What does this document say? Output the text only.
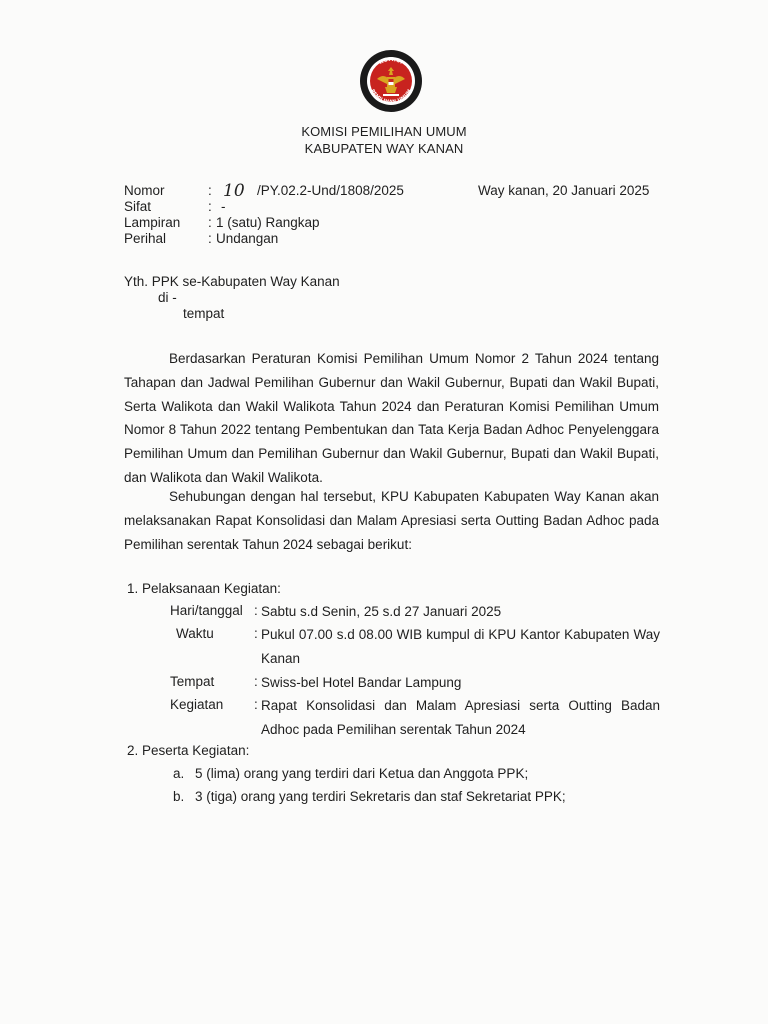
KOMISI
PEMILIHAN UMUM
KOMISI PEMILIHAN UMUM
KABUPATEN WAY KANAN
Nomor	: 10 /PY.02.2-Und/1808/2025	Way kanan, 20 Januari 2025
Sifat	: -
Lampiran : 1 (satu) Rangkap
Perihal	: Undangan
Yth. PPK se-Kabupaten Way Kanan
di -
tempat
Berdasarkan Peraturan Komisi Pemilihan Umum Nomor 2 Tahun 2024 tentang Tahapan dan Jadwal Pemilihan Gubernur dan Wakil Gubernur, Bupati dan Wakil Bupati, Serta Walikota dan Wakil Walikota Tahun 2024 dan Peraturan Komisi Pemilihan Umum Nomor 8 Tahun 2022 tentang Pembentukan dan Tata Kerja Badan Adhoc Penyelenggara Pemilihan Umum dan Pemilihan Gubernur dan Wakil Gubernur, Bupati dan Wakil Bupati, dan Walikota dan Wakil Walikota.
Sehubungan dengan hal tersebut, KPU Kabupaten Kabupaten Way Kanan akan melaksanakan Rapat Konsolidasi dan Malam Apresiasi serta Outting Badan Adhoc pada Pemilihan serentak Tahun 2024 sebagai berikut:
1. Pelaksanaan Kegiatan:
Hari/tanggal : Sabtu s.d Senin, 25 s.d 27 Januari 2025
Waktu	: Pukul 07.00 s.d 08.00 WIB kumpul di KPU Kantor Kabupaten Way Kanan
Tempat	: Swiss-bel Hotel Bandar Lampung
Kegiatan : Rapat Konsolidasi dan Malam Apresiasi serta Outting Badan Adhoc pada Pemilihan serentak Tahun 2024
2. Peserta Kegiatan:
a. 5 (lima) orang yang terdiri dari Ketua dan Anggota PPK;
b. 3 (tiga) orang yang terdiri Sekretaris dan staf Sekretariat PPK;
